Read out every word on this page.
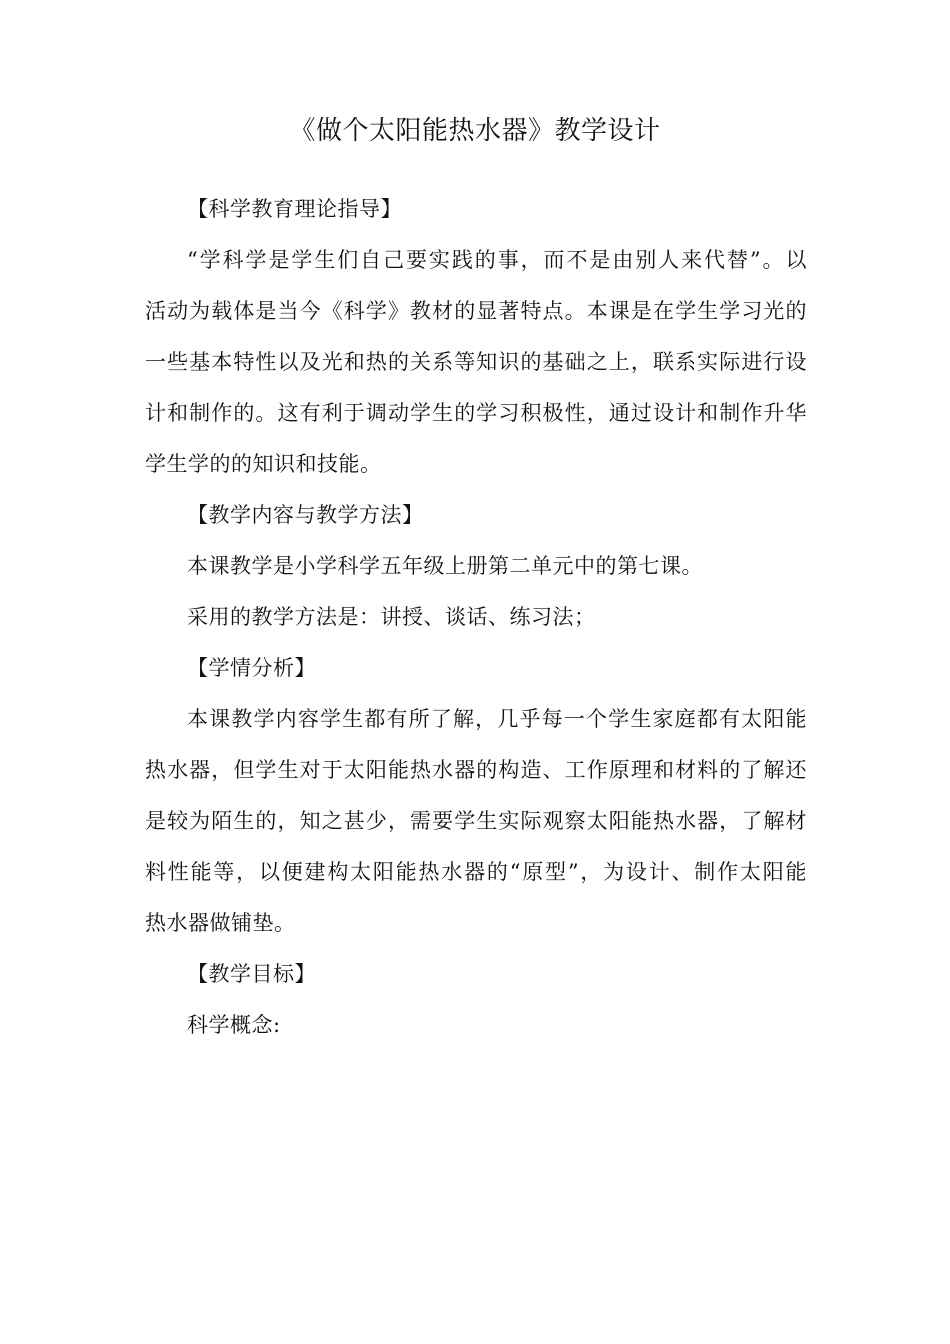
《做个太阳能热水器》教学设计
【科学教育理论指导】
“学科学是学生们自己要实践的事，而不是由别人来代替”。以
活动为载体是当今《科学》教材的显著特点。本课是在学生学习光的
一些基本特性以及光和热的关系等知识的基础之上，联系实际进行设
计和制作的。这有利于调动学生的学习积极性，通过设计和制作升华
学生学的的知识和技能。
【教学内容与教学方法】
本课教学是小学科学五年级上册第二单元中的第七课。
采用的教学方法是：讲授、谈话、练习法；
【学情分析】
本课教学内容学生都有所了解，几乎每一个学生家庭都有太阳能
热水器，但学生对于太阳能热水器的构造、工作原理和材料的了解还
是较为陌生的，知之甚少，需要学生实际观察太阳能热水器，了解材
料性能等，以便建构太阳能热水器的“原型”，为设计、制作太阳能
热水器做铺垫。
【教学目标】
科学概念:
